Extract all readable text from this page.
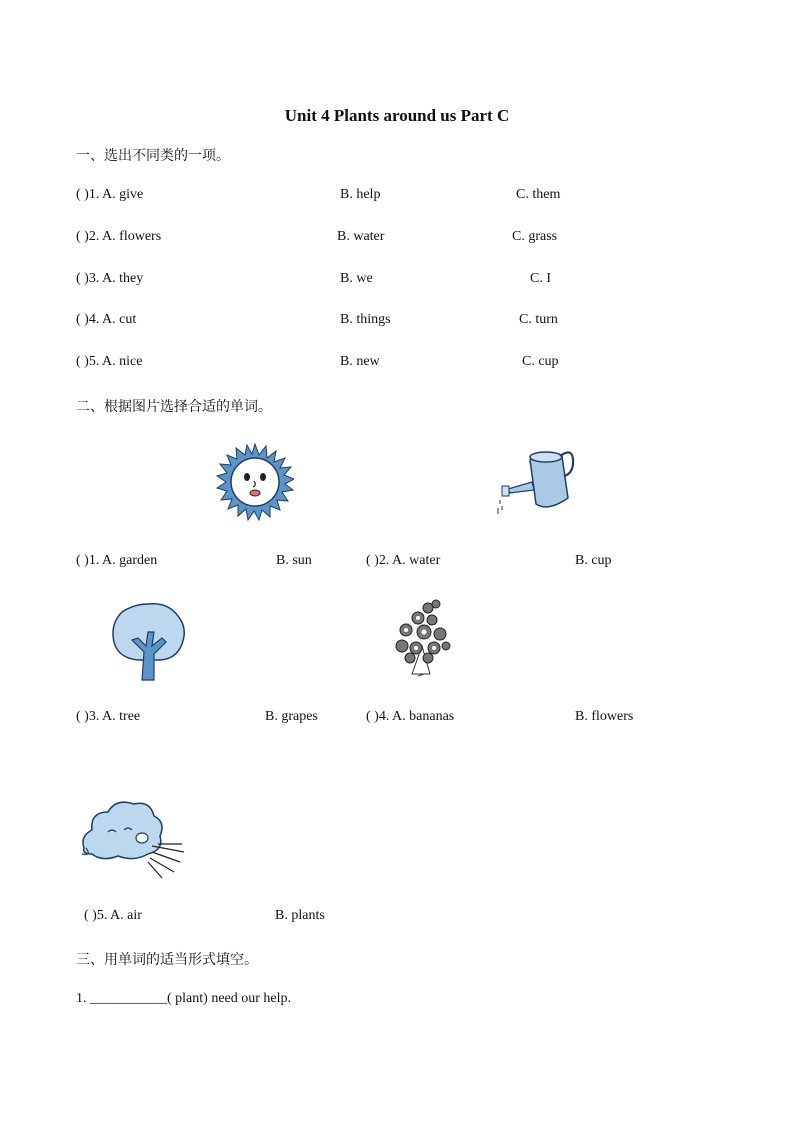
Unit 4 Plants around us Part C
一、选出不同类的一项。
( )1. A. give	B. help	C. them
( )2. A. flowers	B. water	C. grass
( )3. A. they	B. we	C. I
( )4. A. cut	B. things	C. turn
( )5. A. nice	B. new	C. cup
二、根据图片选择合适的单词。
( )1. A. garden	B. sun	( )2. A. water	B. cup
( )3. A. tree	B. grapes	( )4. A. bananas	B. flowers
( )5. A. air	B. plants
三、用单词的适当形式填空。
1. ___________( plant) need our help.
